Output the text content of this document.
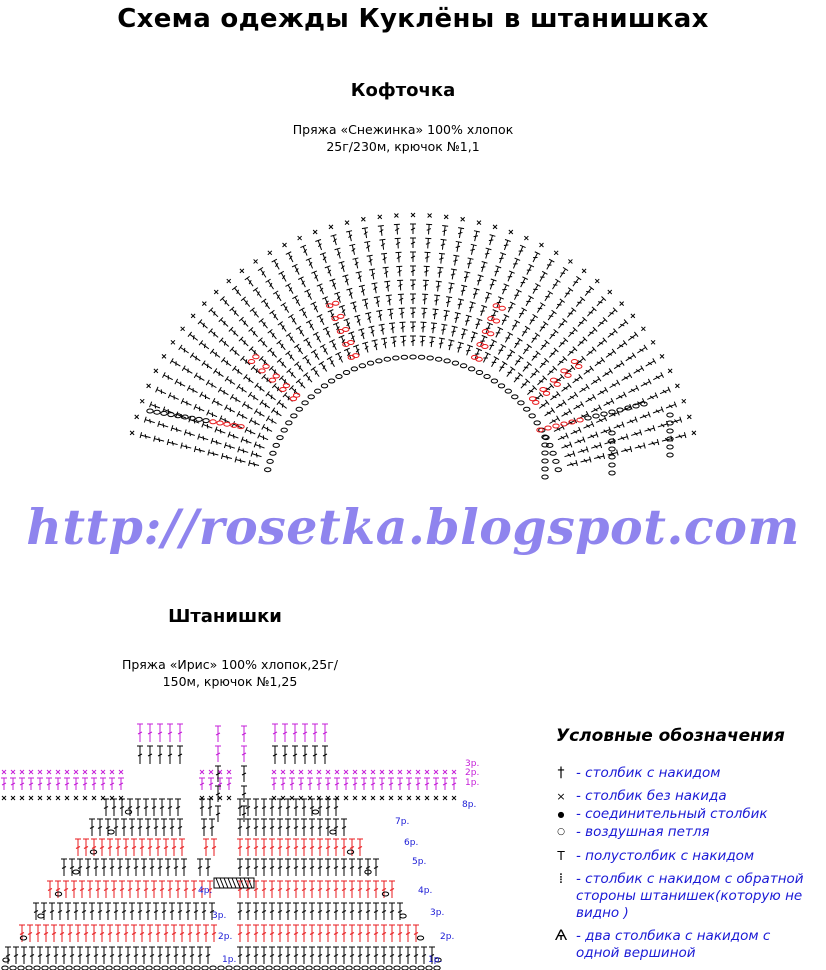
Схема одежды Куклёны в штанишках
Кофточка
Пряжа «Снежинка» 100% хлопок
25г/230м, крючок №1,1
http://rosetka.blogspot.com
Штанишки
Пряжа «Ирис» 100% хлопок,25г/
150м, крючок №1,25
1р.
2р.
3р.
4р.
5р.
6р.
7р.
8р.
1р.
2р.
3р.
1р.
2р.
3р.
4р.
Условные обозначения
† - столбик с накидом
× - столбик без накида
● - соединительный столбик
○ - воздушная петля
T - полустолбик с накидом
⁞ - столбик с накидом с обратной стороны штанишек(которую не видно )
Ѧ - два столбика с накидом с одной вершиной
